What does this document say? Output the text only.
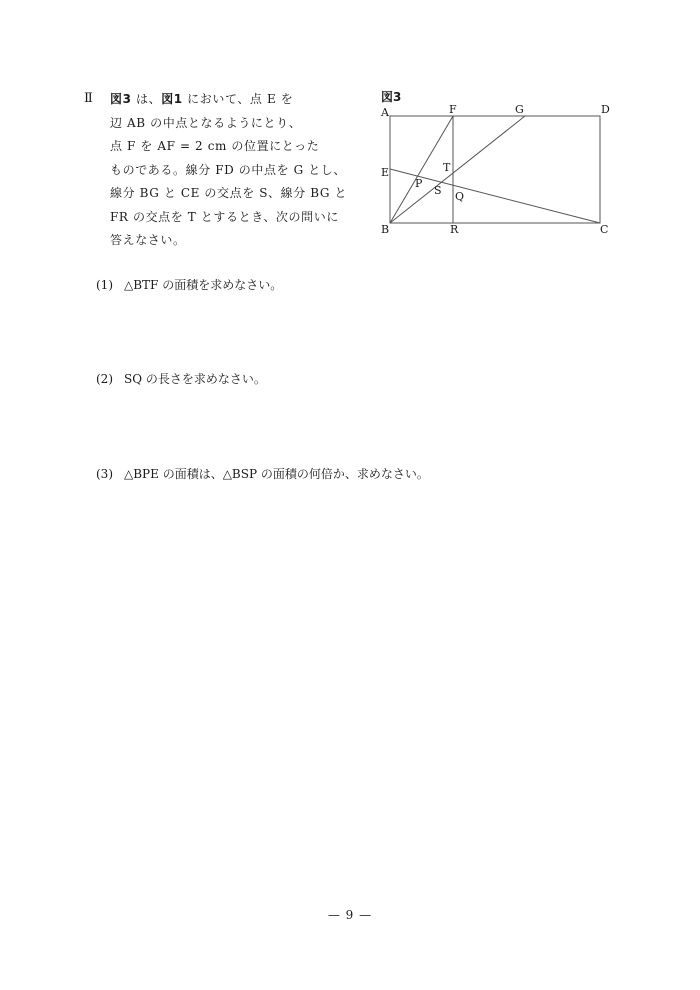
Ⅱ 図3 は、図1 において、点 E を
辺 AB の中点となるようにとり、
点 F を AF = 2 cm の位置にとった
ものである。線分 FD の中点を G とし、
線分 BG と CE の交点を S、線分 BG と
FR の交点を T とするとき、次の問いに
答えなさい。
図3
A	F	G	D
E	T
P
S Q
B	R	C
(1) △BTF の面積を求めなさい。
(2) SQ の長さを求めなさい。
(3) △BPE の面積は、△BSP の面積の何倍か、求めなさい。
— 9 —
